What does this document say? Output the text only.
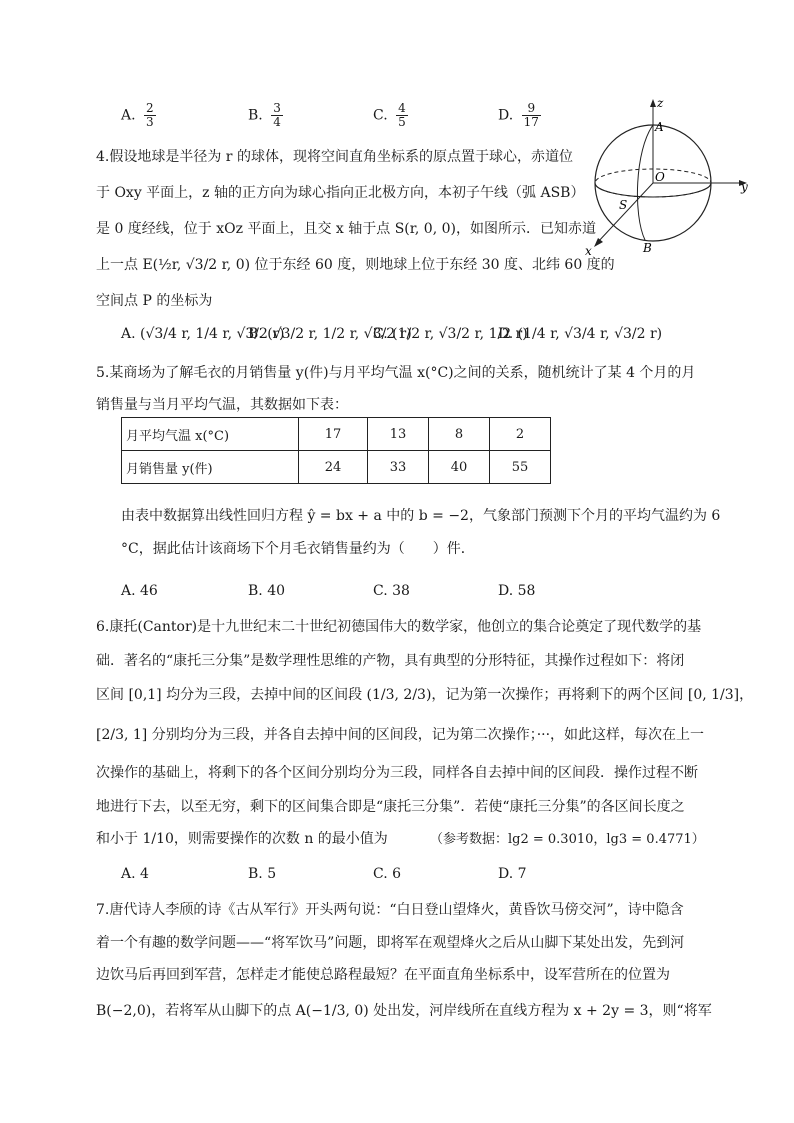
A. 2
3	B. 3
4	C. 4
5	D. 9
17
4.假设地球是半径为 r 的球体，现将空间直角坐标系的原点置于球心，赤道位
于 Oxy 平面上，z 轴的正方向为球心指向正北极方向，本初子午线（弧 ASB）
是 0 度经线，位于 xOz 平面上，且交 x 轴于点 S(r, 0, 0)，如图所示．已知赤道
上一点 E(½r, √3/2 r, 0) 位于东经 60 度，则地球上位于东经 30 度、北纬 60 度的
空间点 P 的坐标为
z
y
x
A
B
O
S
A. (√3/4 r, 1/4 r, √3/2 r)
B. (√3/2 r, 1/2 r, √3/2 r)
C. (1/2 r, √3/2 r, 1/2 r)
D. (1/4 r, √3/4 r, √3/2 r)
5.某商场为了解毛衣的月销售量 y(件)与月平均气温 x(°C)之间的关系，随机统计了某 4 个月的月
销售量与当月平均气温，其数据如下表：
月平均气温 x(°C)	17	13	8	2
月销售量 y(件)	24	33	40	55
由表中数据算出线性回归方程 ŷ = bx + a 中的 b = −2，气象部门预测下个月的平均气温约为 6
°C，据此估计该商场下个月毛衣销售量约为（　　）件．
A. 46	B. 40	C. 38	D. 58
6.康托(Cantor)是十九世纪末二十世纪初德国伟大的数学家，他创立的集合论奠定了现代数学的基
础．著名的“康托三分集”是数学理性思维的产物，具有典型的分形特征，其操作过程如下：将闭
区间 [0,1] 均分为三段，去掉中间的区间段 (1/3, 2/3)，记为第一次操作；再将剩下的两个区间 [0, 1/3]，
[2/3, 1] 分别均分为三段，并各自去掉中间的区间段，记为第二次操作；···，如此这样，每次在上一
次操作的基础上，将剩下的各个区间分别均分为三段，同样各自去掉中间的区间段．操作过程不断
地进行下去，以至无穷，剩下的区间集合即是“康托三分集”．若使“康托三分集”的各区间长度之
和小于 1/10，则需要操作的次数 n 的最小值为	（参考数据：lg2 = 0.3010，lg3 = 0.4771）
A. 4	B. 5	C. 6	D. 7
7.唐代诗人李颀的诗《古从军行》开头两句说：“白日登山望烽火，黄昏饮马傍交河”，诗中隐含
着一个有趣的数学问题——“将军饮马”问题，即将军在观望烽火之后从山脚下某处出发，先到河
边饮马后再回到军营，怎样走才能使总路程最短？在平面直角坐标系中，设军营所在的位置为
B(−2,0)，若将军从山脚下的点 A(−1/3, 0) 处出发，河岸线所在直线方程为 x + 2y = 3，则“将军
